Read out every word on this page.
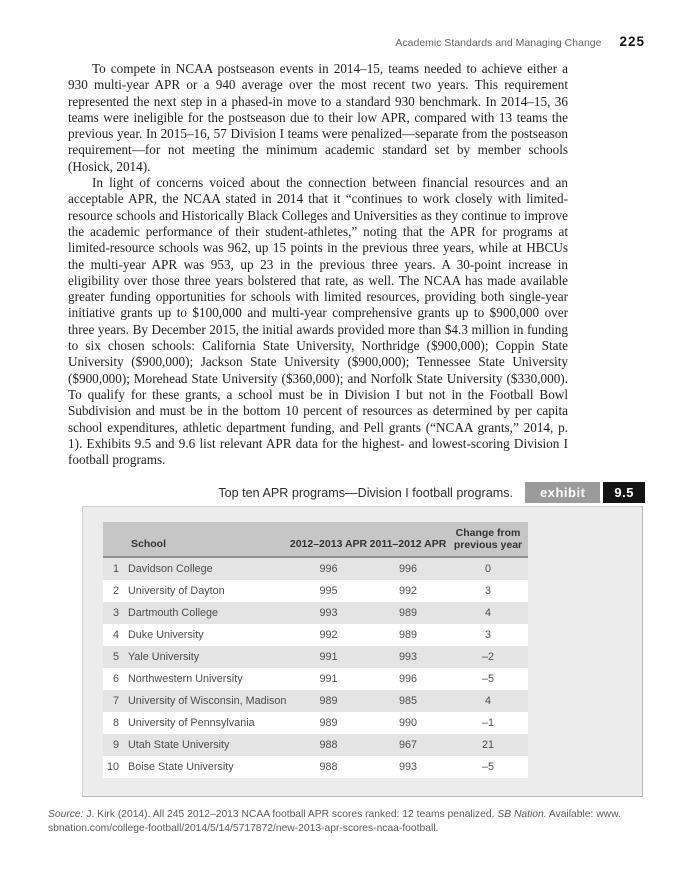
Academic Standards and Managing Change 225

To compete in NCAA postseason events in 2014–15, teams needed to achieve either a 930 multi-year APR or a 940 average over the most recent two years. This requirement represented the next step in a phased-in move to a standard 930 benchmark. In 2014–15, 36 teams were ineligible for the postseason due to their low APR, compared with 13 teams the previous year. In 2015–16, 57 Division I teams were penalized—separate from the postseason requirement—for not meeting the minimum academic standard set by member schools (Hosick, 2014).

In light of concerns voiced about the connection between financial resources and an acceptable APR, the NCAA stated in 2014 that it “continues to work closely with limited-resource schools and Historically Black Colleges and Universities as they continue to improve the academic performance of their student-athletes,” noting that the APR for programs at limited-resource schools was 962, up 15 points in the previous three years, while at HBCUs the multi-year APR was 953, up 23 in the previous three years. A 30-point increase in eligibility over those three years bolstered that rate, as well. The NCAA has made available greater funding opportunities for schools with limited resources, providing both single-year initiative grants up to $100,000 and multi-year comprehensive grants up to $900,000 over three years. By December 2015, the initial awards provided more than $4.3 million in funding to six chosen schools: California State University, Northridge ($900,000); Coppin State University ($900,000); Jackson State University ($900,000); Tennessee State University ($900,000); Morehead State University ($360,000); and Norfolk State University ($330,000). To qualify for these grants, a school must be in Division I but not in the Football Bowl Subdivision and must be in the bottom 10 percent of resources as determined by per capita school expenditures, athletic department funding, and Pell grants (“NCAA grants,” 2014, p. 1). Exhibits 9.5 and 9.6 list relevant APR data for the highest- and lowest-scoring Division I football programs.

Top ten APR programs—Division I football programs.	exhibit	9.5
School	2012–2013 APR 2011–2012 APR
Change from
previous year
1 Davidson College	996	996	0
2 University of Dayton	995	992	3
3 Dartmouth College	993	989	4
4 Duke University	992	989	3
5 Yale University	991	993	–2
6 Northwestern University	991	996	–5
7 University of Wisconsin, Madison	989	985	4
8 University of Pennsylvania	989	990	–1
9 Utah State University	988	967	21
10 Boise State University	988	993	–5
Source: J. Kirk (2014). All 245 2012–2013 NCAA football APR scores ranked: 12 teams penalized. SB Nation. Available: www.
sbnation.com/college-football/2014/5/14/5717872/new-2013-apr-scores-ncaa-football.
